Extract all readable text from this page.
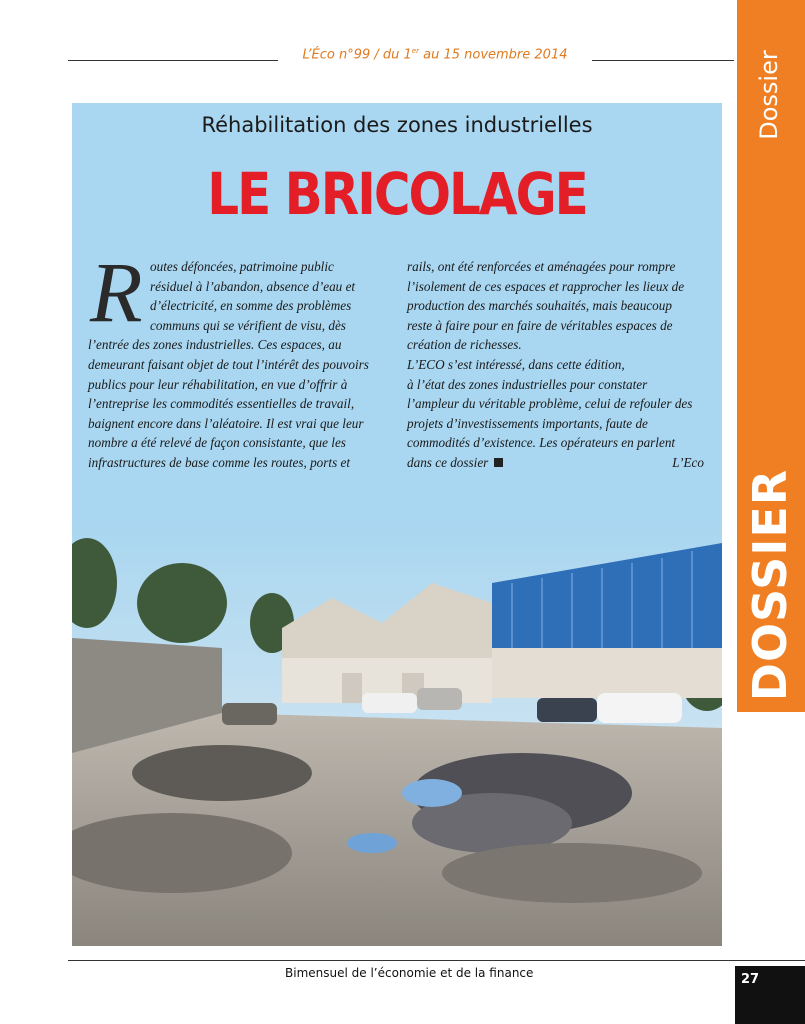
L’Éco n°99 / du 1er au 15 novembre 2014	Dossier
DOSSIER
Réhabilitation des zones industrielles
LE BRICOLAGE
R outes défoncées, patrimoine public
résiduel à l’abandon, absence d’eau et
d’électricité, en somme des problèmes
communs qui se vérifient de visu, dès
l’entrée des zones industrielles. Ces espaces, au
demeurant faisant objet de tout l’intérêt des pouvoirs
publics pour leur réhabilitation, en vue d’offrir à
l’entreprise les commodités essentielles de travail,
baignent encore dans l’aléatoire. Il est vrai que leur
nombre a été relevé de façon consistante, que les
infrastructures de base comme les routes, ports et
rails, ont été renforcées et aménagées pour rompre
l’isolement de ces espaces et rapprocher les lieux de
production des marchés souhaités, mais beaucoup
reste à faire pour en faire de véritables espaces de
création de richesses.
L’ECO s’est intéressé, dans cette édition,
à l’état des zones industrielles pour constater
l’ampleur du véritable problème, celui de refouler des
projets d’investissements importants, faute de
commodités d’existence. Les opérateurs en parlent
dans ce dossier	L’Eco
Bimensuel de l’économie et de la finance	27
